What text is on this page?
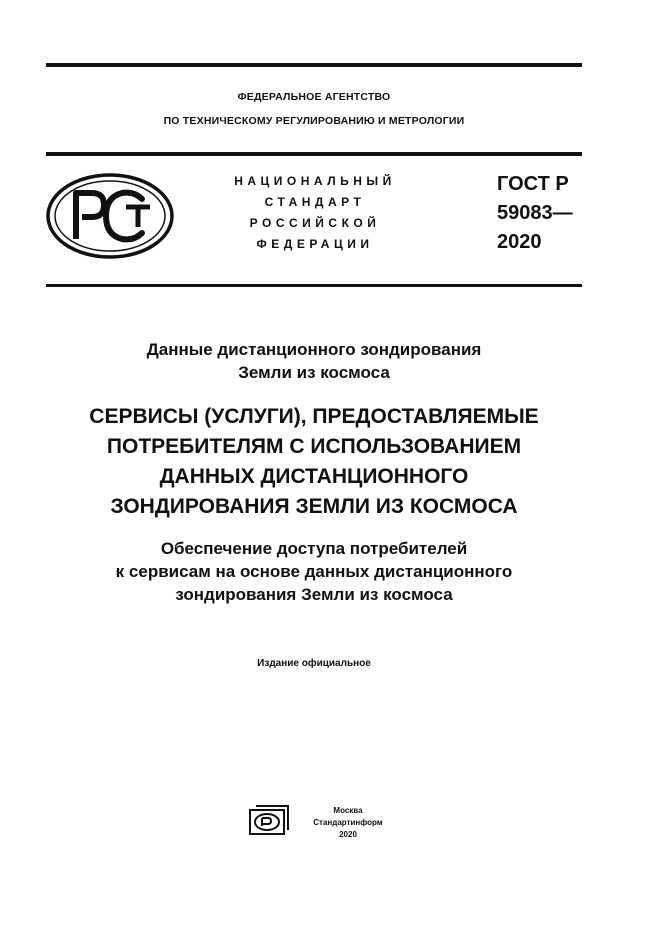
ФЕДЕРАЛЬНОЕ АГЕНТСТВО
ПО ТЕХНИЧЕСКОМУ РЕГУЛИРОВАНИЮ И МЕТРОЛОГИИ
НАЦИОНАЛЬНЫЙ
СТАНДАРТ
РОССИЙСКОЙ
ФЕДЕРАЦИИ
ГОСТ Р
59083—
2020
Данные дистанционного зондирования
Земли из космоса
СЕРВИСЫ (УСЛУГИ), ПРЕДОСТАВЛЯЕМЫЕ
ПОТРЕБИТЕЛЯМ С ИСПОЛЬЗОВАНИЕМ
ДАННЫХ ДИСТАНЦИОННОГО
ЗОНДИРОВАНИЯ ЗЕМЛИ ИЗ КОСМОСА
Обеспечение доступа потребителей
к сервисам на основе данных дистанционного
зондирования Земли из космоса
Издание официальное
Москва
Стандартинформ
2020
